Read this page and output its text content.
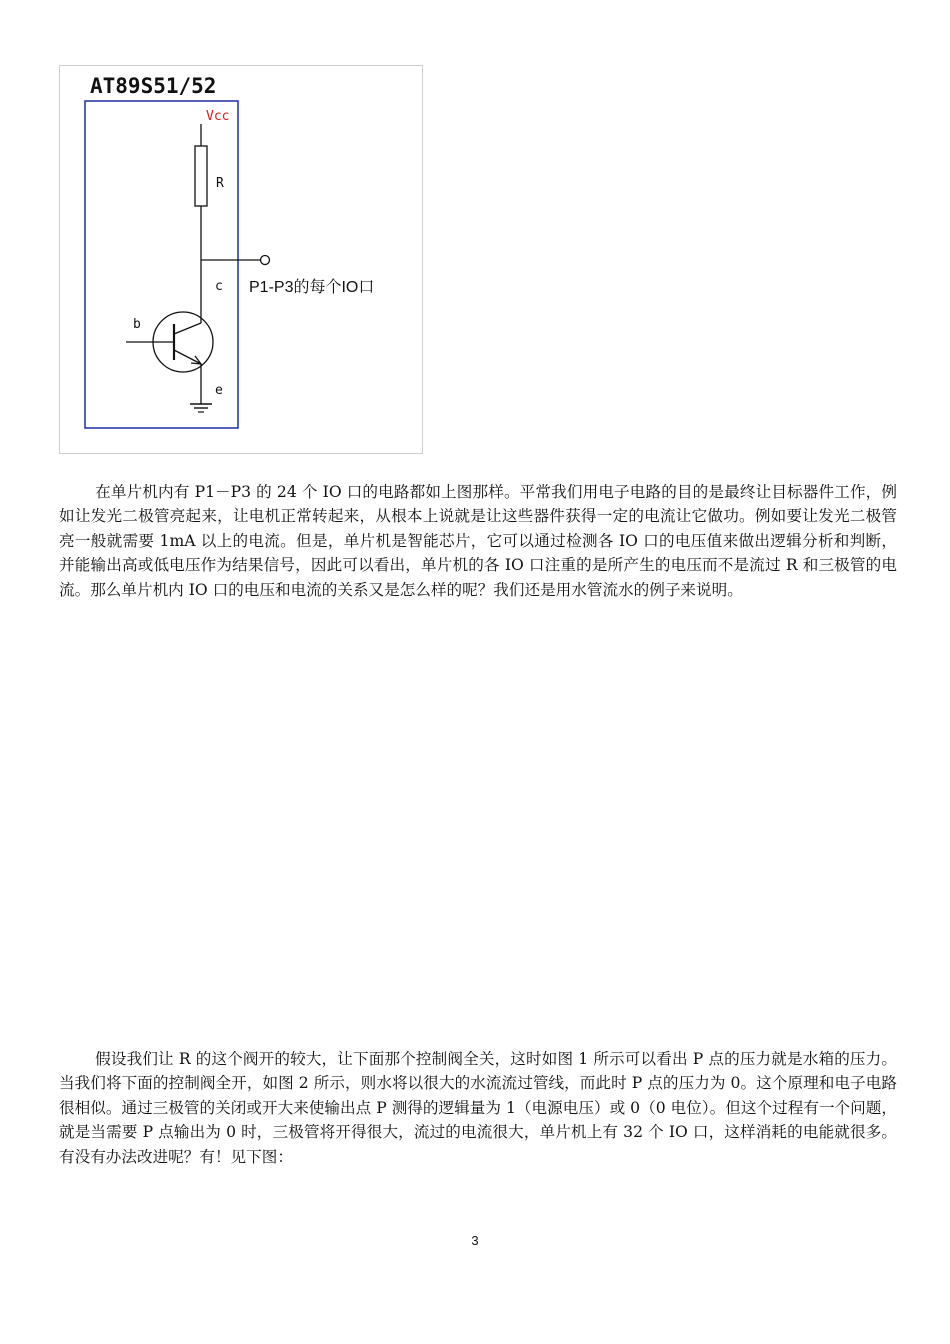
AT89S51/52
Vcc
R
c P1-P3的每个IO口
b
e

在单片机内有 P1－P3 的 24 个 IO 口的电路都如上图那样。平常我们用电子电路的目的是最终让目标器件工作，例如让发光二极管亮起来，让电机正常转起来，从根本上说就是让这些器件获得一定的电流让它做功。例如要让发光二极管亮一般就需要 1mA 以上的电流。但是，单片机是智能芯片，它可以通过检测各 IO 口的电压值来做出逻辑分析和判断，并能输出高或低电压作为结果信号，因此可以看出，单片机的各 IO 口注重的是所产生的电压而不是流过 R 和三极管的电流。那么单片机内 IO 口的电压和电流的关系又是怎么样的呢？我们还是用水管流水的例子来说明。

假设我们让 R 的这个阀开的较大，让下面那个控制阀全关，这时如图 1 所示可以看出 P 点的压力就是水箱的压力。当我们将下面的控制阀全开，如图 2 所示，则水将以很大的水流流过管线，而此时 P 点的压力为 0。这个原理和电子电路很相似。通过三极管的关闭或开大来使输出点 P 测得的逻辑量为 1（电源电压）或 0（0 电位）。但这个过程有一个问题，就是当需要 P 点输出为 0 时，三极管将开得很大，流过的电流很大，单片机上有 32 个 IO 口，这样消耗的电能就很多。有没有办法改进呢？有！见下图：

3
